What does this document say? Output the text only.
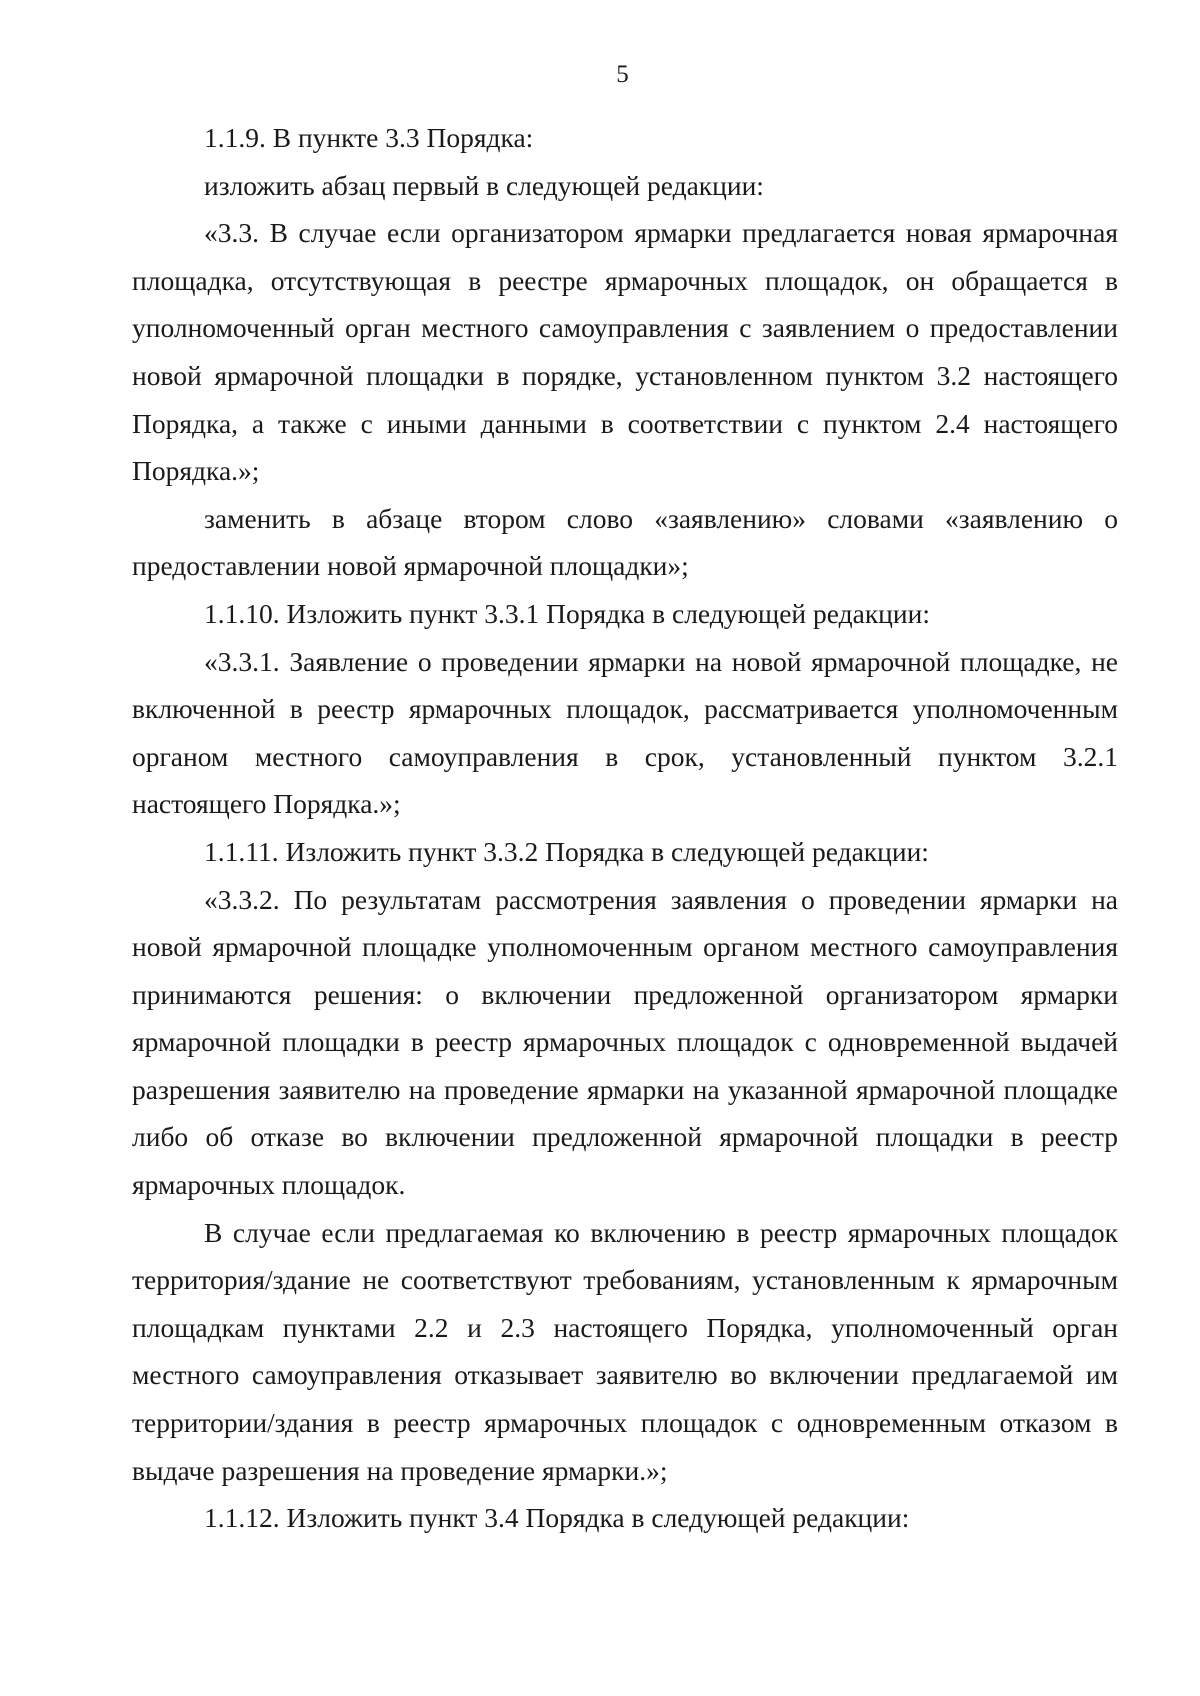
5

1.1.9. В пункте 3.3 Порядка:

изложить абзац первый в следующей редакции:

«3.3. В случае если организатором ярмарки предлагается новая ярмарочная площадка, отсутствующая в реестре ярмарочных площадок, он обращается в уполномоченный орган местного самоуправления с заявлением о предоставлении новой ярмарочной площадки в порядке, установленном пунктом 3.2 настоящего Порядка, а также с иными данными в соответствии с пунктом 2.4 настоящего Порядка.»;

заменить в абзаце втором слово «заявлению» словами «заявлению о предоставлении новой ярмарочной площадки»;

1.1.10. Изложить пункт 3.3.1 Порядка в следующей редакции:

«3.3.1. Заявление о проведении ярмарки на новой ярмарочной площадке, не включенной в реестр ярмарочных площадок, рассматривается уполномоченным органом местного самоуправления в срок, установленный пунктом 3.2.1 настоящего Порядка.»;

1.1.11. Изложить пункт 3.3.2 Порядка в следующей редакции:

«3.3.2. По результатам рассмотрения заявления о проведении ярмарки на новой ярмарочной площадке уполномоченным органом местного самоуправления принимаются решения: о включении предложенной организатором ярмарки ярмарочной площадки в реестр ярмарочных площадок с одновременной выдачей разрешения заявителю на проведение ярмарки на указанной ярмарочной площадке либо об отказе во включении предложенной ярмарочной площадки в реестр ярмарочных площадок.

В случае если предлагаемая ко включению в реестр ярмарочных площадок территория/здание не соответствуют требованиям, установленным к ярмарочным площадкам пунктами 2.2 и 2.3 настоящего Порядка, уполномоченный орган местного самоуправления отказывает заявителю во включении предлагаемой им территории/здания в реестр ярмарочных площадок с одновременным отказом в выдаче разрешения на проведение ярмарки.»;

1.1.12. Изложить пункт 3.4 Порядка в следующей редакции:
